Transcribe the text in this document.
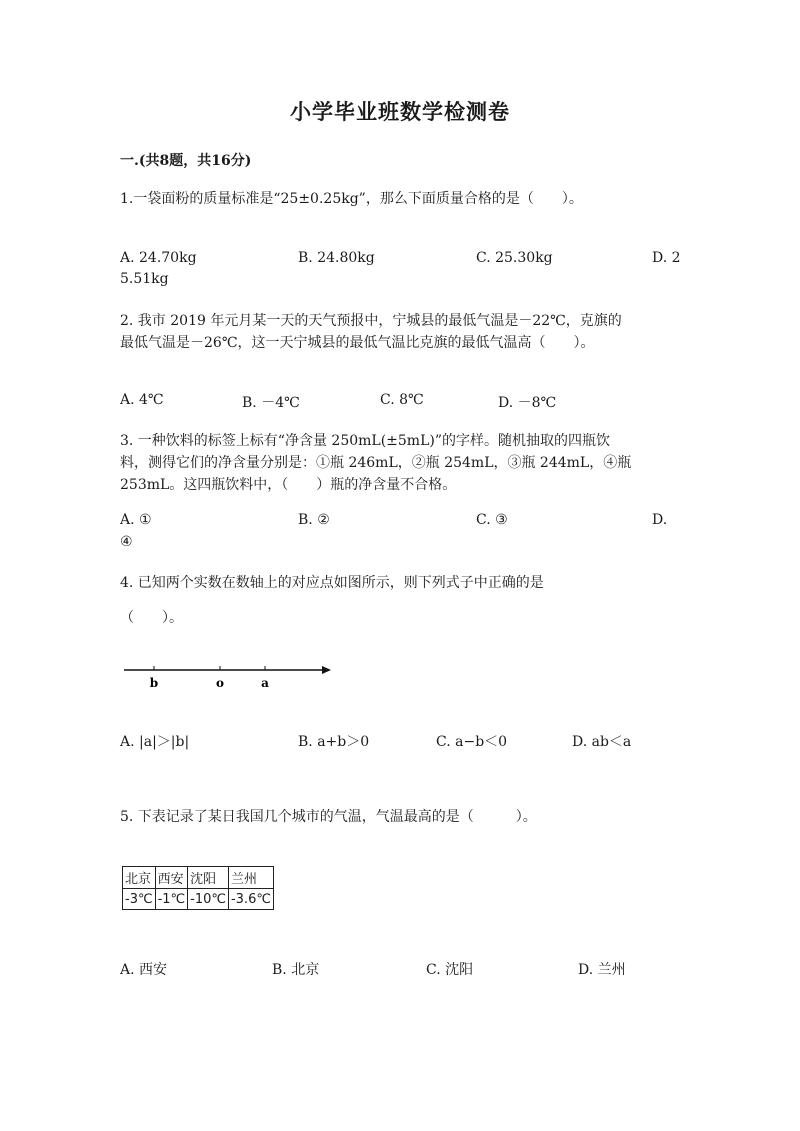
小学毕业班数学检测卷
一.(共8题，共16分)
1.一袋面粉的质量标准是“25±0.25kg”，那么下面质量合格的是（　　）。
A. 24.70kg	B. 24.80kg	C. 25.30kg	D. 2
5.51kg
2. 我市 2019 年元月某一天的天气预报中，宁城县的最低气温是－22℃，克旗的
最低气温是－26℃，这一天宁城县的最低气温比克旗的最低气温高（　　）。
A. 4℃	B. －4℃	C. 8℃	D. －8℃
3. 一种饮料的标签上标有“净含量 250mL(±5mL)”的字样。随机抽取的四瓶饮
料，测得它们的净含量分别是：①瓶 246mL，②瓶 254mL，③瓶 244mL，④瓶
253mL。这四瓶饮料中，（　　）瓶的净含量不合格。
A. ①	B. ②	C. ③	D.
④
4. 已知两个实数在数轴上的对应点如图所示，则下列式子中正确的是
（　　）。
b	o	a
A. |a|＞|b|	B. a+b＞0	C. a−b＜0	D. ab＜a
5. 下表记录了某日我国几个城市的气温，气温最高的是（　　　）。
北京	西安	沈阳	兰州
-3℃	-1℃	-10℃	-3.6℃
A. 西安	B. 北京	C. 沈阳	D. 兰州
